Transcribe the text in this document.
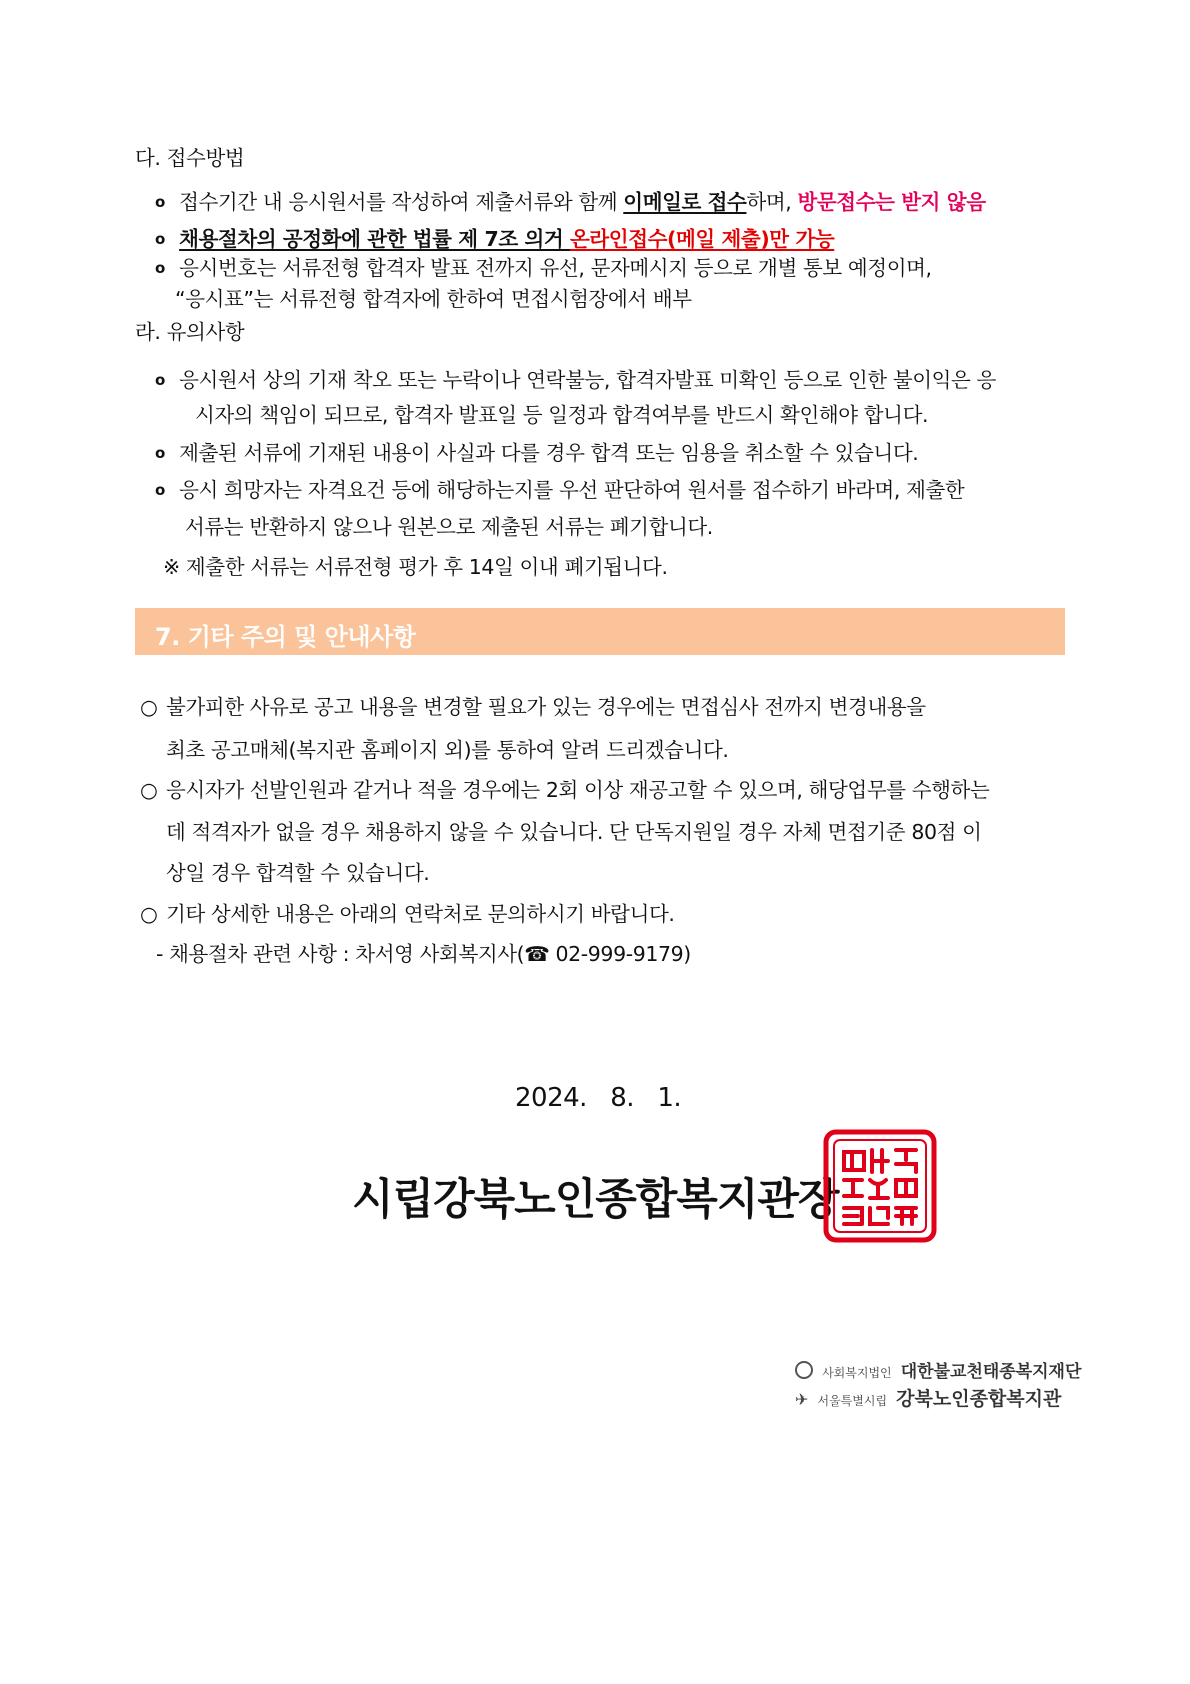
다. 접수방법
o 접수기간 내 응시원서를 작성하여 제출서류와 함께 이메일로 접수하며, 방문접수는 받지 않음
o 채용절차의 공정화에 관한 법률 제 7조 의거 온라인접수(메일 제출)만 가능
o 응시번호는 서류전형 합격자 발표 전까지 유선, 문자메시지 등으로 개별 통보 예정이며,
“응시표”는 서류전형 합격자에 한하여 면접시험장에서 배부
라. 유의사항
o 응시원서 상의 기재 착오 또는 누락이나 연락불능, 합격자발표 미확인 등으로 인한 불이익은 응
시자의 책임이 되므로, 합격자 발표일 등 일정과 합격여부를 반드시 확인해야 합니다.
o 제출된 서류에 기재된 내용이 사실과 다를 경우 합격 또는 임용을 취소할 수 있습니다.
o 응시 희망자는 자격요건 등에 해당하는지를 우선 판단하여 원서를 접수하기 바라며, 제출한
서류는 반환하지 않으나 원본으로 제출된 서류는 폐기합니다.
※ 제출한 서류는 서류전형 평가 후 14일 이내 폐기됩니다.
7. 기타 주의 및 안내사항
○ 불가피한 사유로 공고 내용을 변경할 필요가 있는 경우에는 면접심사 전까지 변경내용을
최초 공고매체(복지관 홈페이지 외)를 통하여 알려 드리겠습니다.
○ 응시자가 선발인원과 같거나 적을 경우에는 2회 이상 재공고할 수 있으며, 해당업무를 수행하는
데 적격자가 없을 경우 채용하지 않을 수 있습니다. 단 단독지원일 경우 자체 면접기준 80점 이
상일 경우 합격할 수 있습니다.
○ 기타 상세한 내용은 아래의 연락처로 문의하시기 바랍니다.
- 채용절차 관련 사항 : 차서영 사회복지사(☎ 02-999-9179)
2024.   8.   1.
시립강북노인종합복지관장
사회복지법인 대한불교천태종복지재단
✈ 서울특별시립 강북노인종합복지관
